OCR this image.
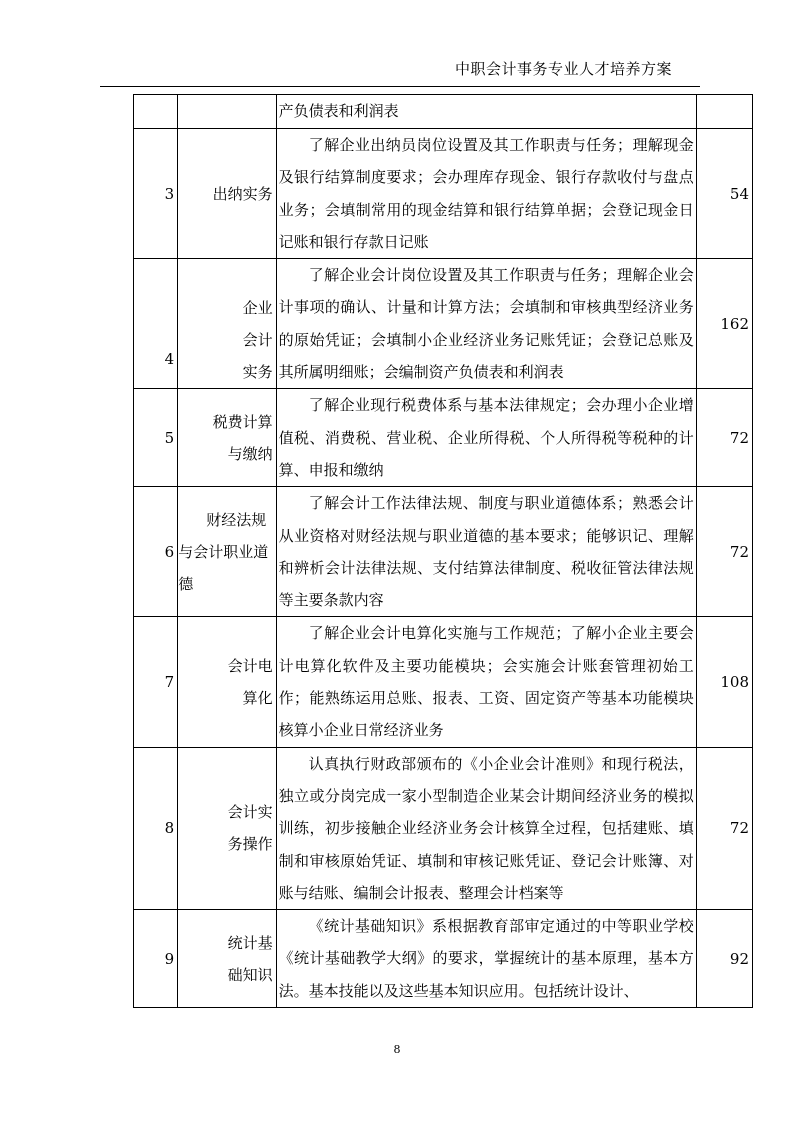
中职会计事务专业人才培养方案
		产负债表和利润表	
3	出纳实务	了解企业出纳员岗位设置及其工作职责与任务；理解现金及银行结算制度要求；会办理库存现金、银行存款收付与盘点业务；会填制常用的现金结算和银行结算单据；会登记现金日记账和银行存款日记账	54
4	企业会计实务	了解企业会计岗位设置及其工作职责与任务；理解企业会计事项的确认、计量和计算方法；会填制和审核典型经济业务的原始凭证；会填制小企业经济业务记账凭证；会登记总账及其所属明细账；会编制资产负债表和利润表	162
5	税费计算与缴纳	了解企业现行税费体系与基本法律规定；会办理小企业增值税、消费税、营业税、企业所得税、个人所得税等税种的计算、申报和缴纳	72
6	财经法规与会计职业道德	了解会计工作法律法规、制度与职业道德体系；熟悉会计从业资格对财经法规与职业道德的基本要求；能够识记、理解和辨析会计法律法规、支付结算法律制度、税收征管法律法规等主要条款内容	72
7	会计电算化	了解企业会计电算化实施与工作规范；了解小企业主要会计电算化软件及主要功能模块；会实施会计账套管理初始工作；能熟练运用总账、报表、工资、固定资产等基本功能模块核算小企业日常经济业务	108
8	会计实务操作	认真执行财政部颁布的《小企业会计准则》和现行税法，独立或分岗完成一家小型制造企业某会计期间经济业务的模拟训练，初步接触企业经济业务会计核算全过程，包括建账、填制和审核原始凭证、填制和审核记账凭证、登记会计账簿、对账与结账、编制会计报表、整理会计档案等	72
9	统计基础知识	《统计基础知识》系根据教育部审定通过的中等职业学校《统计基础教学大纲》的要求，掌握统计的基本原理，基本方法。基本技能以及这些基本知识应用。包括统计设计、	92
8
